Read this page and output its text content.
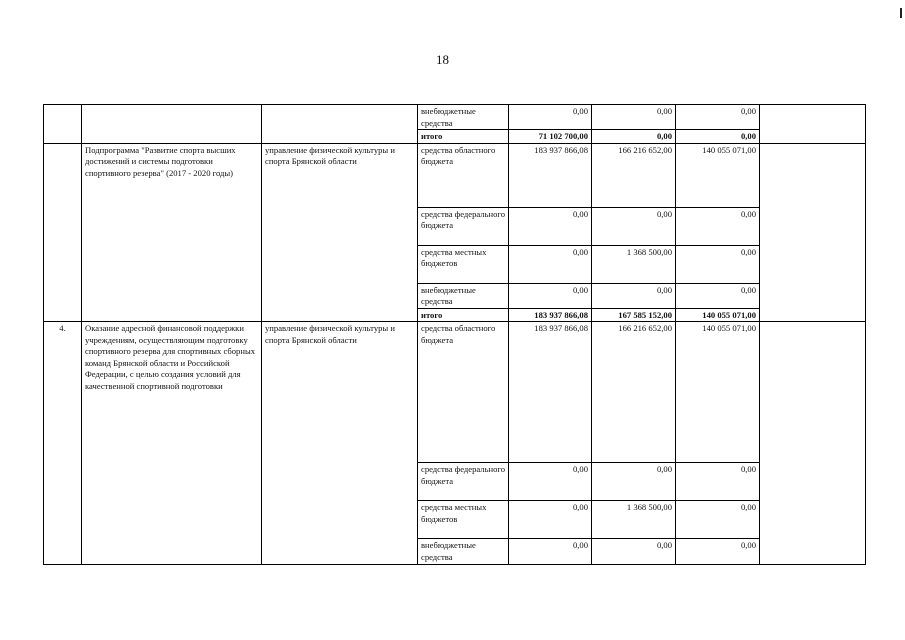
18
			внебюджетные средства	0,00	0,00	0,00	
			итого	71 102 700,00	0,00	0,00	
	Подпрограмма "Развитие спорта высших достижений и системы подготовки спортивного резерва" (2017 - 2020 годы)	управление физической культуры и спорта Брянской области	средства областного бюджета	183 937 866,08	166 216 652,00	140 055 071,00	
			средства федерального бюджета	0,00	0,00	0,00	
			средства местных бюджетов	0,00	1 368 500,00	0,00	
			внебюджетные средства	0,00	0,00	0,00	
			итого	183 937 866,08	167 585 152,00	140 055 071,00	
4.	Оказание адресной финансовой поддержки учреждениям, осуществляющим подготовку спортивного резерва для спортивных сборных команд Брянской области и Российской Федерации, с целью создания условий для качественной спортивной подготовки	управление физической культуры и спорта Брянской области	средства областного бюджета	183 937 866,08	166 216 652,00	140 055 071,00	
			средства федерального бюджета	0,00	0,00	0,00	
			средства местных бюджетов	0,00	1 368 500,00	0,00	
			внебюджетные средства	0,00	0,00	0,00	
